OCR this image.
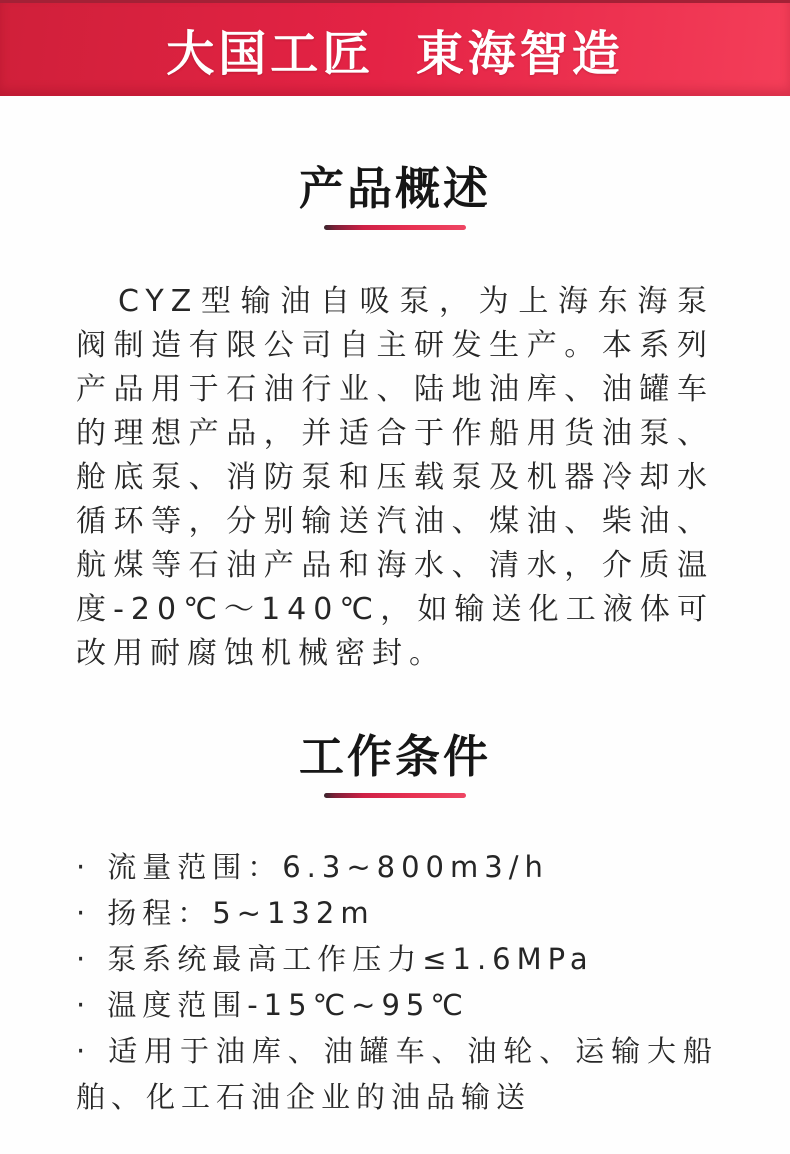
大国工匠  東海智造
产品概述

CYZ型输油自吸泵，为上海东海泵阀制造有限公司自主研发生产。本系列产品用于石油行业、陆地油库、油罐车的理想产品，并适合于作船用货油泵、舱底泵、消防泵和压载泵及机器冷却水循环等，分别输送汽油、煤油、柴油、航煤等石油产品和海水、清水，介质温度-20℃～140℃，如输送化工液体可改用耐腐蚀机械密封。

工作条件
· 流量范围：6.3~800m3/h
· 扬程：5~132m
· 泵系统最高工作压力≤1.6MPa
· 温度范围-15℃~95℃
· 适用于油库、油罐车、油轮、运输大船舶、化工石油企业的油品输送
